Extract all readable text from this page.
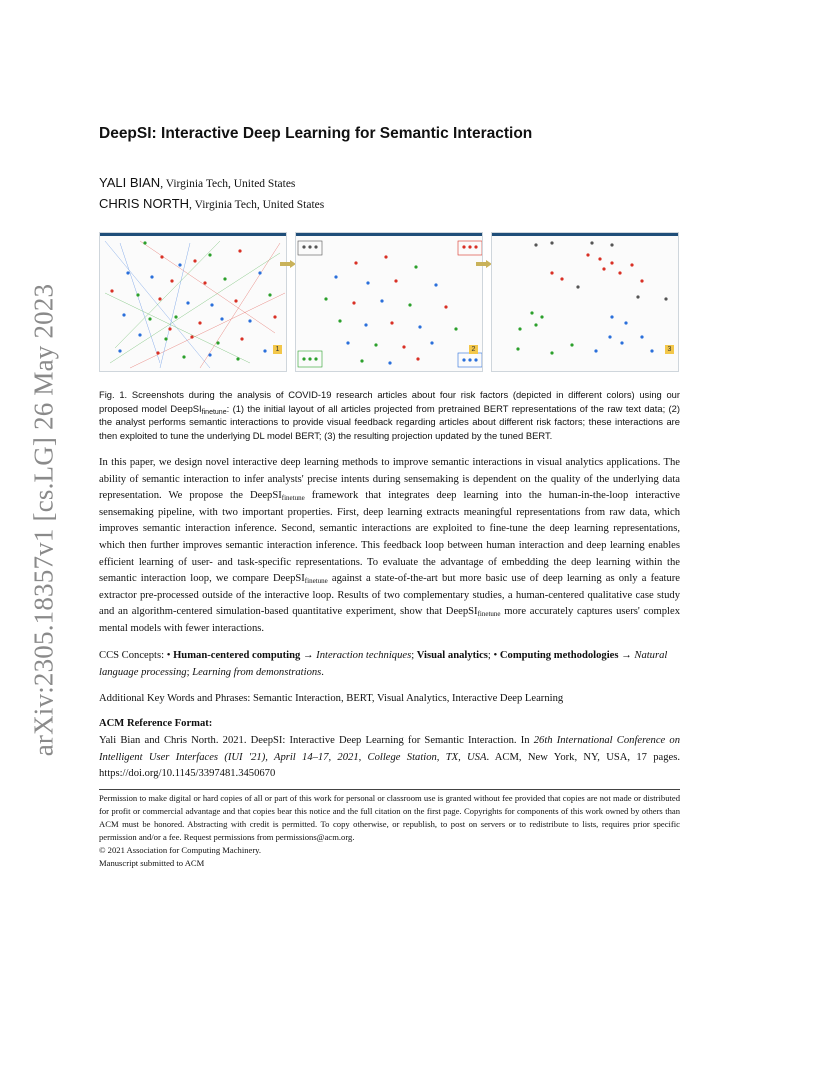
arXiv:2305.18357v1 [cs.LG] 26 May 2023
DeepSI: Interactive Deep Learning for Semantic Interaction
YALI BIAN, Virginia Tech, United States
CHRIS NORTH, Virginia Tech, United States
1	2	3
Fig. 1. Screenshots during the analysis of COVID-19 research articles about four risk factors (depicted in different colors) using our proposed model DeepSI$_{finetune}$: (1) the initial layout of all articles projected from pretrained BERT representations of the raw text data; (2) the analyst performs semantic interactions to provide visual feedback regarding articles about different risk factors; these interactions are then exploited to tune the underlying DL model BERT; (3) the resulting projection updated by the tuned BERT.

In this paper, we design novel interactive deep learning methods to improve semantic interactions in visual analytics applications. The ability of semantic interaction to infer analysts' precise intents during sensemaking is dependent on the quality of the underlying data representation. We propose the DeepSI$_{finetune}$ framework that integrates deep learning into the human-in-the-loop interactive sensemaking pipeline, with two important properties. First, deep learning extracts meaningful representations from raw data, which improves semantic interaction inference. Second, semantic interactions are exploited to fine-tune the deep learning representations, which then further improves semantic interaction inference. This feedback loop between human interaction and deep learning enables efficient learning of user- and task-specific representations. To evaluate the advantage of embedding the deep learning within the semantic interaction loop, we compare DeepSI$_{finetune}$ against a state-of-the-art but more basic use of deep learning as only a feature extractor pre-processed outside of the interactive loop. Results of two complementary studies, a human-centered qualitative case study and an algorithm-centered simulation-based quantitative experiment, show that DeepSI$_{finetune}$ more accurately captures users' complex mental models with fewer interactions.

CCS Concepts: • Human-centered computing → Interaction techniques; Visual analytics; • Computing methodologies → Natural language processing; Learning from demonstrations.
Additional Key Words and Phrases: Semantic Interaction, BERT, Visual Analytics, Interactive Deep Learning
ACM Reference Format:
Yali Bian and Chris North. 2021. DeepSI: Interactive Deep Learning for Semantic Interaction. In 26th International Conference on Intelligent User Interfaces (IUI '21), April 14–17, 2021, College Station, TX, USA. ACM, New York, NY, USA, 17 pages. https://doi.org/10.1145/3397481.3450670

Permission to make digital or hard copies of all or part of this work for personal or classroom use is granted without fee provided that copies are not made or distributed for profit or commercial advantage and that copies bear this notice and the full citation on the first page. Copyrights for components of this work owned by others than ACM must be honored. Abstracting with credit is permitted. To copy otherwise, or republish, to post on servers or to redistribute to lists, requires prior specific permission and/or a fee. Request permissions from permissions@acm.org.

© 2021 Association for Computing Machinery.

Manuscript submitted to ACM
